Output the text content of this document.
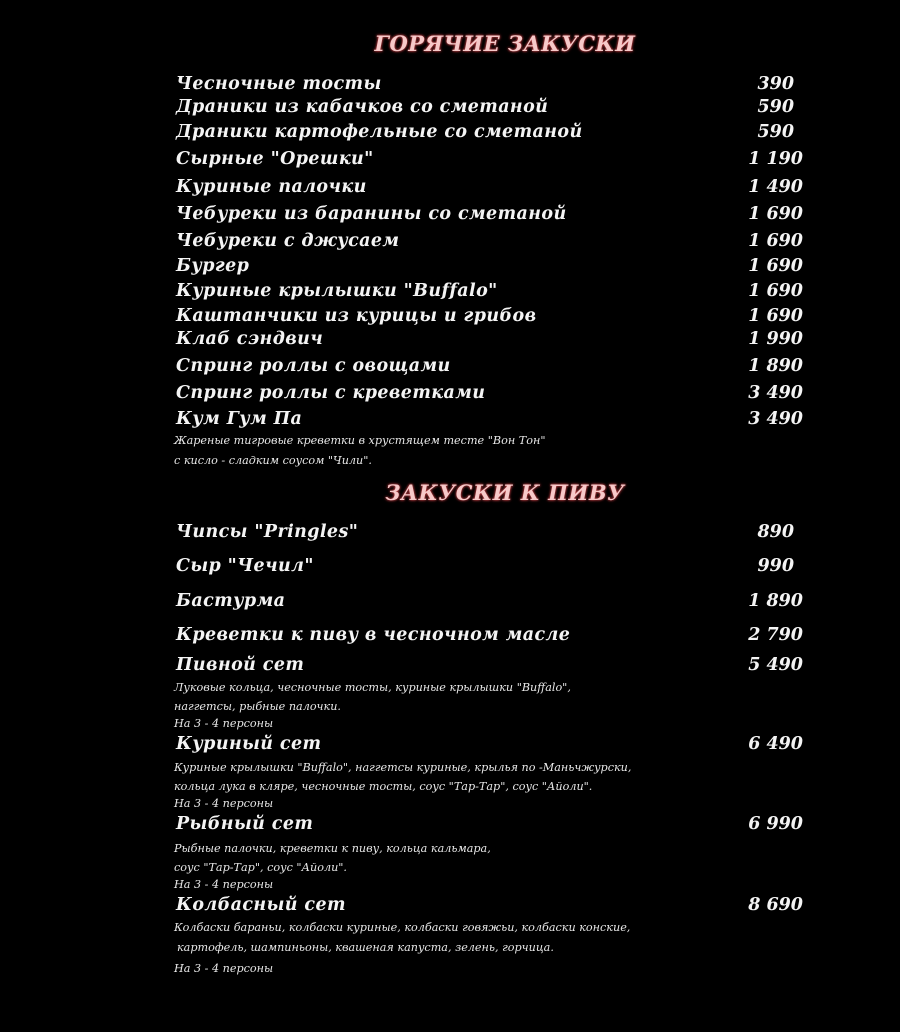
ГОРЯЧИЕ ЗАКУСКИ
Чесночные тосты	390
Драники из кабачков со сметаной	590
Драники картофельные со сметаной	590
Сырные "Орешки"	1 190
Куриные палочки	1 490
Чебуреки из баранины со сметаной	1 690
Чебуреки с джусаем	1 690
Бургер	1 690
Куриные крылышки "Buffalo"	1 690
Каштанчики из курицы и грибов	1 690
Клаб сэндвич	1 990
Спринг роллы с овощами	1 890
Спринг роллы с креветками	3 490
Кум Гум Па	3 490
Жареные тигровые креветки в хрустящем тесте "Вон Тон"
с кисло - сладким соусом "Чили".
ЗАКУСКИ К ПИВУ
Чипсы "Pringles"	890
Сыр "Чечил"	990
Бастурма	1 890
Креветки к пиву в чесночном масле	2 790
Пивной сет	5 490
Луковые кольца, чесночные тосты, куриные крылышки "Buffalo",
наггетсы, рыбные палочки.
На 3 - 4 персоны
Куриный сет	6 490
Куриные крылышки "Buffalo", наггетсы куриные, крылья по -Маньчжурски,
кольца лука в кляре, чесночные тосты, соус "Тар-Тар", соус "Айоли".
На 3 - 4 персоны
Рыбный сет	6 990
Рыбные палочки, креветки к пиву, кольца кальмара,
соус "Тар-Тар", соус "Айоли".
На 3 - 4 персоны
Колбасный сет	8 690
Колбаски бараньи, колбаски куриные, колбаски говяжьи, колбаски конские,
картофель, шампиньоны, квашеная капуста, зелень, горчица.
На 3 - 4 персоны
